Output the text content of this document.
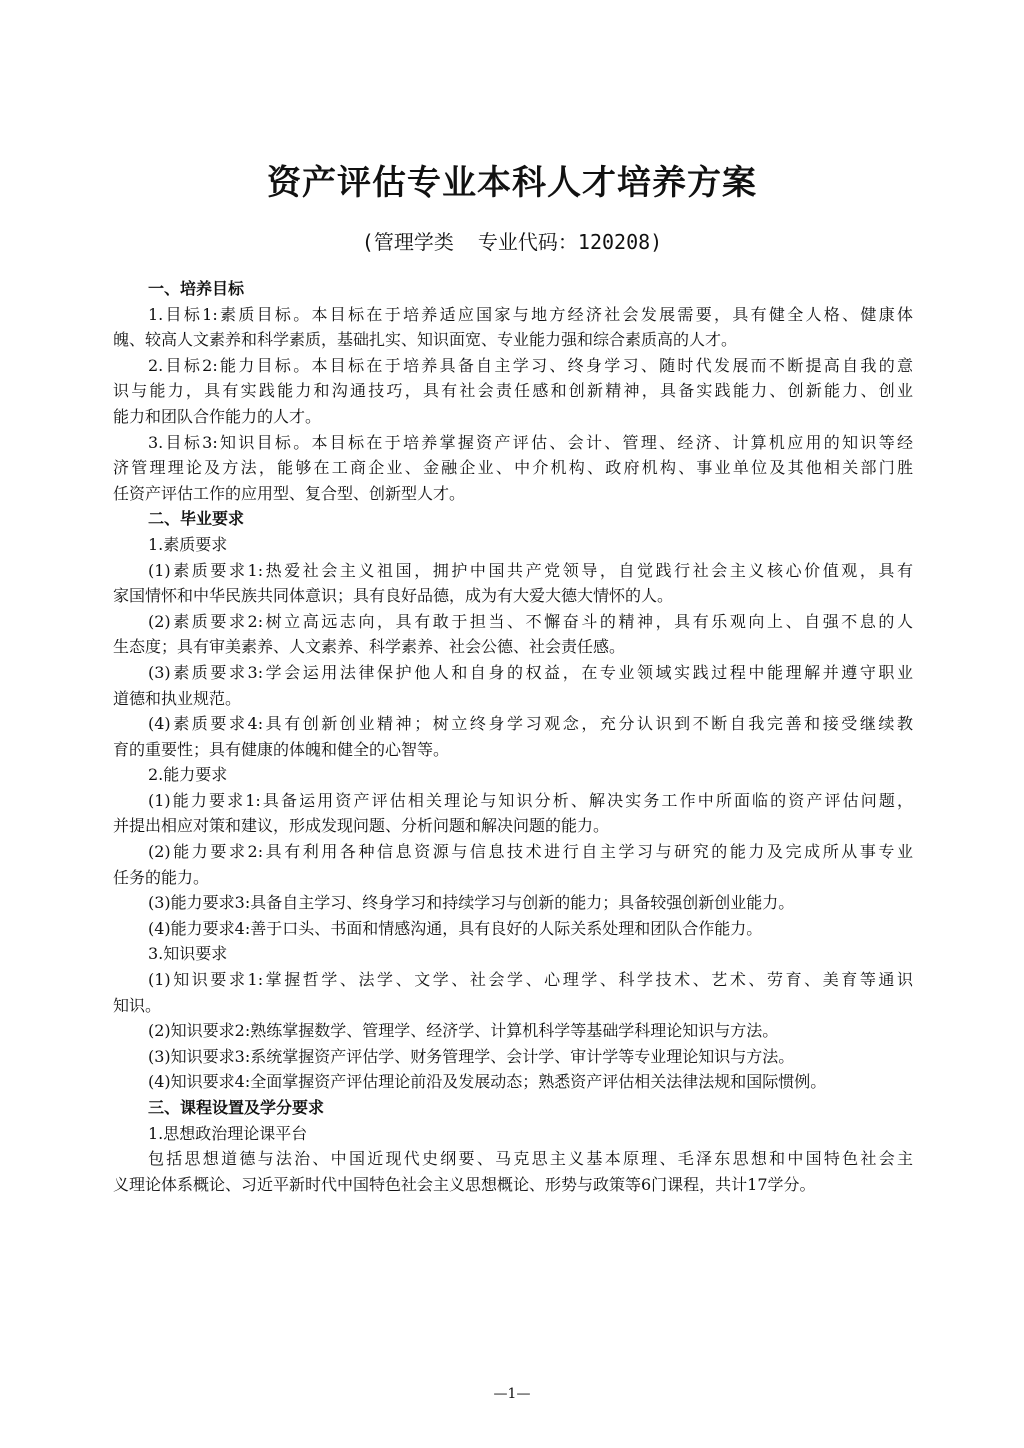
资产评估专业本科人才培养方案
(管理学类  专业代码：120208)
一、培养目标
1.目标1:素质目标。本目标在于培养适应国家与地方经济社会发展需要，具有健全人格、健康体
魄、较高人文素养和科学素质，基础扎实、知识面宽、专业能力强和综合素质高的人才。
2.目标2:能力目标。本目标在于培养具备自主学习、终身学习、随时代发展而不断提高自我的意
识与能力，具有实践能力和沟通技巧，具有社会责任感和创新精神，具备实践能力、创新能力、创业
能力和团队合作能力的人才。
3.目标3:知识目标。本目标在于培养掌握资产评估、会计、管理、经济、计算机应用的知识等经
济管理理论及方法，能够在工商企业、金融企业、中介机构、政府机构、事业单位及其他相关部门胜
任资产评估工作的应用型、复合型、创新型人才。
二、毕业要求
1.素质要求
(1)素质要求1:热爱社会主义祖国，拥护中国共产党领导，自觉践行社会主义核心价值观，具有
家国情怀和中华民族共同体意识；具有良好品德，成为有大爱大德大情怀的人。
(2)素质要求2:树立高远志向，具有敢于担当、不懈奋斗的精神，具有乐观向上、自强不息的人
生态度；具有审美素养、人文素养、科学素养、社会公德、社会责任感。
(3)素质要求3:学会运用法律保护他人和自身的权益，在专业领域实践过程中能理解并遵守职业
道德和执业规范。
(4)素质要求4:具有创新创业精神；树立终身学习观念，充分认识到不断自我完善和接受继续教
育的重要性；具有健康的体魄和健全的心智等。
2.能力要求
(1)能力要求1:具备运用资产评估相关理论与知识分析、解决实务工作中所面临的资产评估问题，
并提出相应对策和建议，形成发现问题、分析问题和解决问题的能力。
(2)能力要求2:具有利用各种信息资源与信息技术进行自主学习与研究的能力及完成所从事专业
任务的能力。
(3)能力要求3:具备自主学习、终身学习和持续学习与创新的能力；具备较强创新创业能力。
(4)能力要求4:善于口头、书面和情感沟通，具有良好的人际关系处理和团队合作能力。
3.知识要求
(1)知识要求1:掌握哲学、法学、文学、社会学、心理学、科学技术、艺术、劳育、美育等通识
知识。
(2)知识要求2:熟练掌握数学、管理学、经济学、计算机科学等基础学科理论知识与方法。
(3)知识要求3:系统掌握资产评估学、财务管理学、会计学、审计学等专业理论知识与方法。
(4)知识要求4:全面掌握资产评估理论前沿及发展动态；熟悉资产评估相关法律法规和国际惯例。
三、课程设置及学分要求
1.思想政治理论课平台
包括思想道德与法治、中国近现代史纲要、马克思主义基本原理、毛泽东思想和中国特色社会主
义理论体系概论、习近平新时代中国特色社会主义思想概论、形势与政策等6门课程，共计17学分。
—1—
